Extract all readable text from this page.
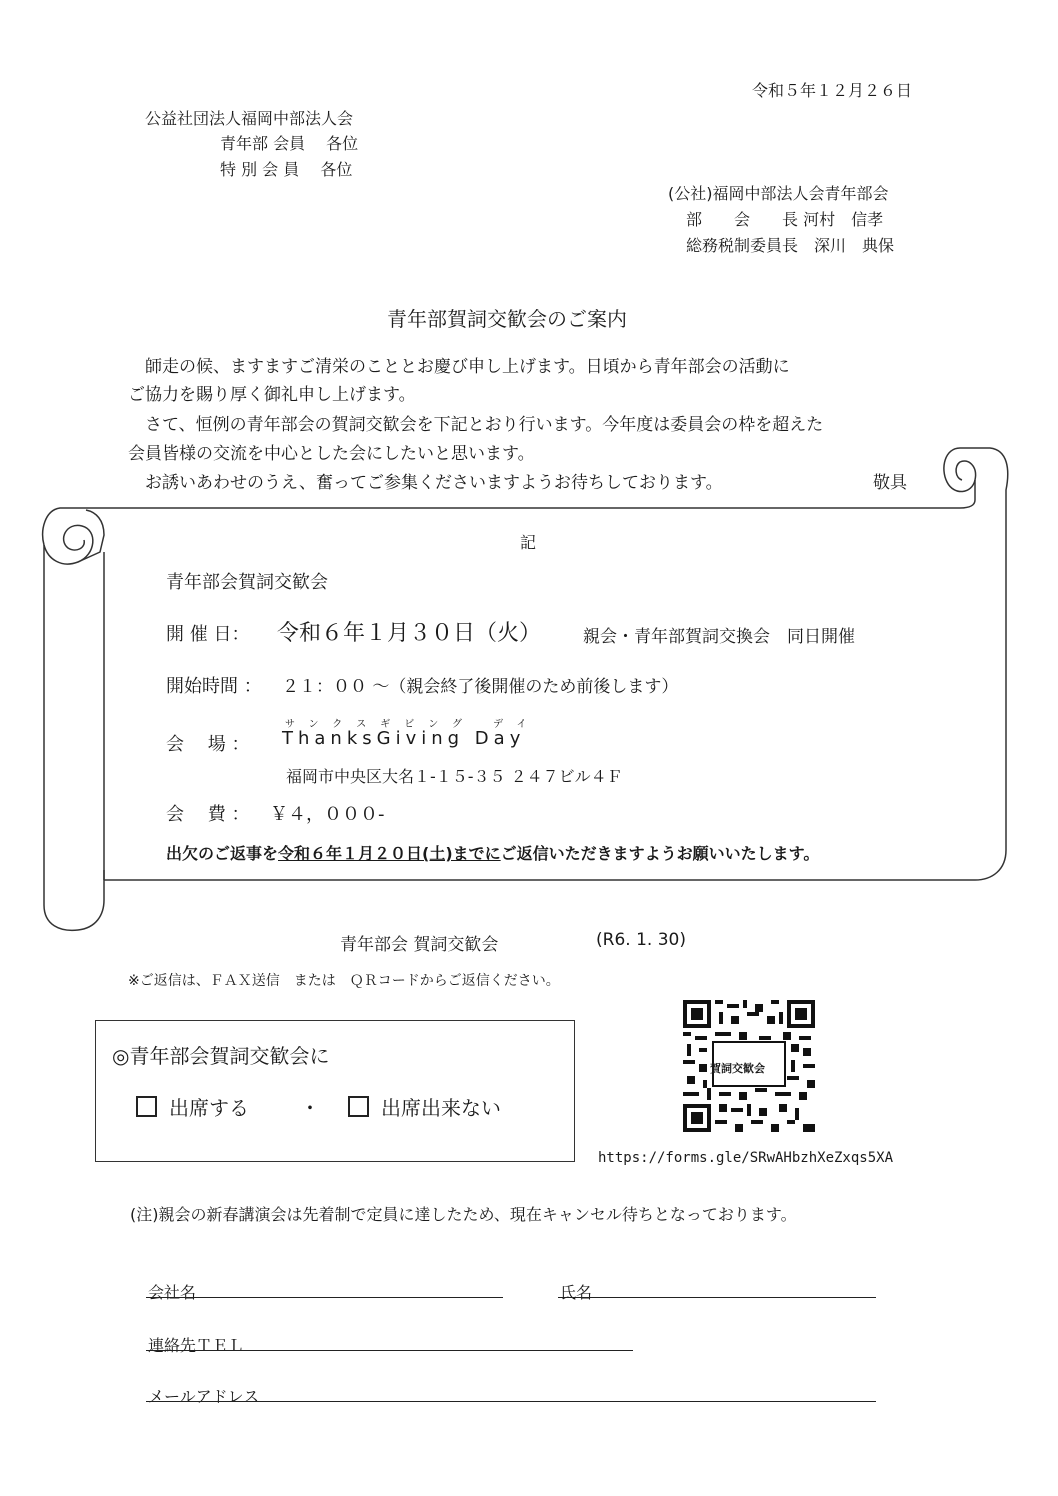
令和５年１２月２６日
公益社団法人福岡中部法人会
青年部 会員　 各位
特 別 会 員　 各位
(公社)福岡中部法人会青年部会
部　　会　　長 河村　信孝
総務税制委員長　深川　典保
青年部賀詞交歓会のご案内
師走の候、ますますご清栄のこととお慶び申し上げます。日頃から青年部会の活動に
ご協力を賜り厚く御礼申し上げます。
さて、恒例の青年部会の賀詞交歓会を下記とおり行います。今年度は委員会の枠を超えた
会員皆様の交流を中心とした会にしたいと思います。
お誘いあわせのうえ、奮ってご参集くださいますようお待ちしております。	敬具
記
青年部会賀詞交歓会
開 催 日： 令和６年１月３０日（火） 親会・青年部賀詞交換会　同日開催
開始時間 ： ２１：００ ～（親会終了後開催のため前後します）
サンクスギビング デイ
会　 場 ： ThanksGiving Day
福岡市中央区大名１-１５-３５ ２４７ビル４Ｆ
会　 費 ： ￥４，０００-
出欠のご返事を令和６年１月２０日(土)までにご返信いただきますようお願いいたします。
青年部会 賀詞交歓会	(R6. 1. 30)
※ご返信は、ＦＡＸ送信　または　ＱＲコードからご返信ください。
◎青年部会賀詞交歓会に
出席する	・	出席出来ない
賀詞交歓会
https://forms.gle/SRwAHbzhXeZxqs5XA
(注)親会の新春講演会は先着制で定員に達したため、現在キャンセル待ちとなっております。
会社名	氏名
連絡先ＴＥＬ
メールアドレス
